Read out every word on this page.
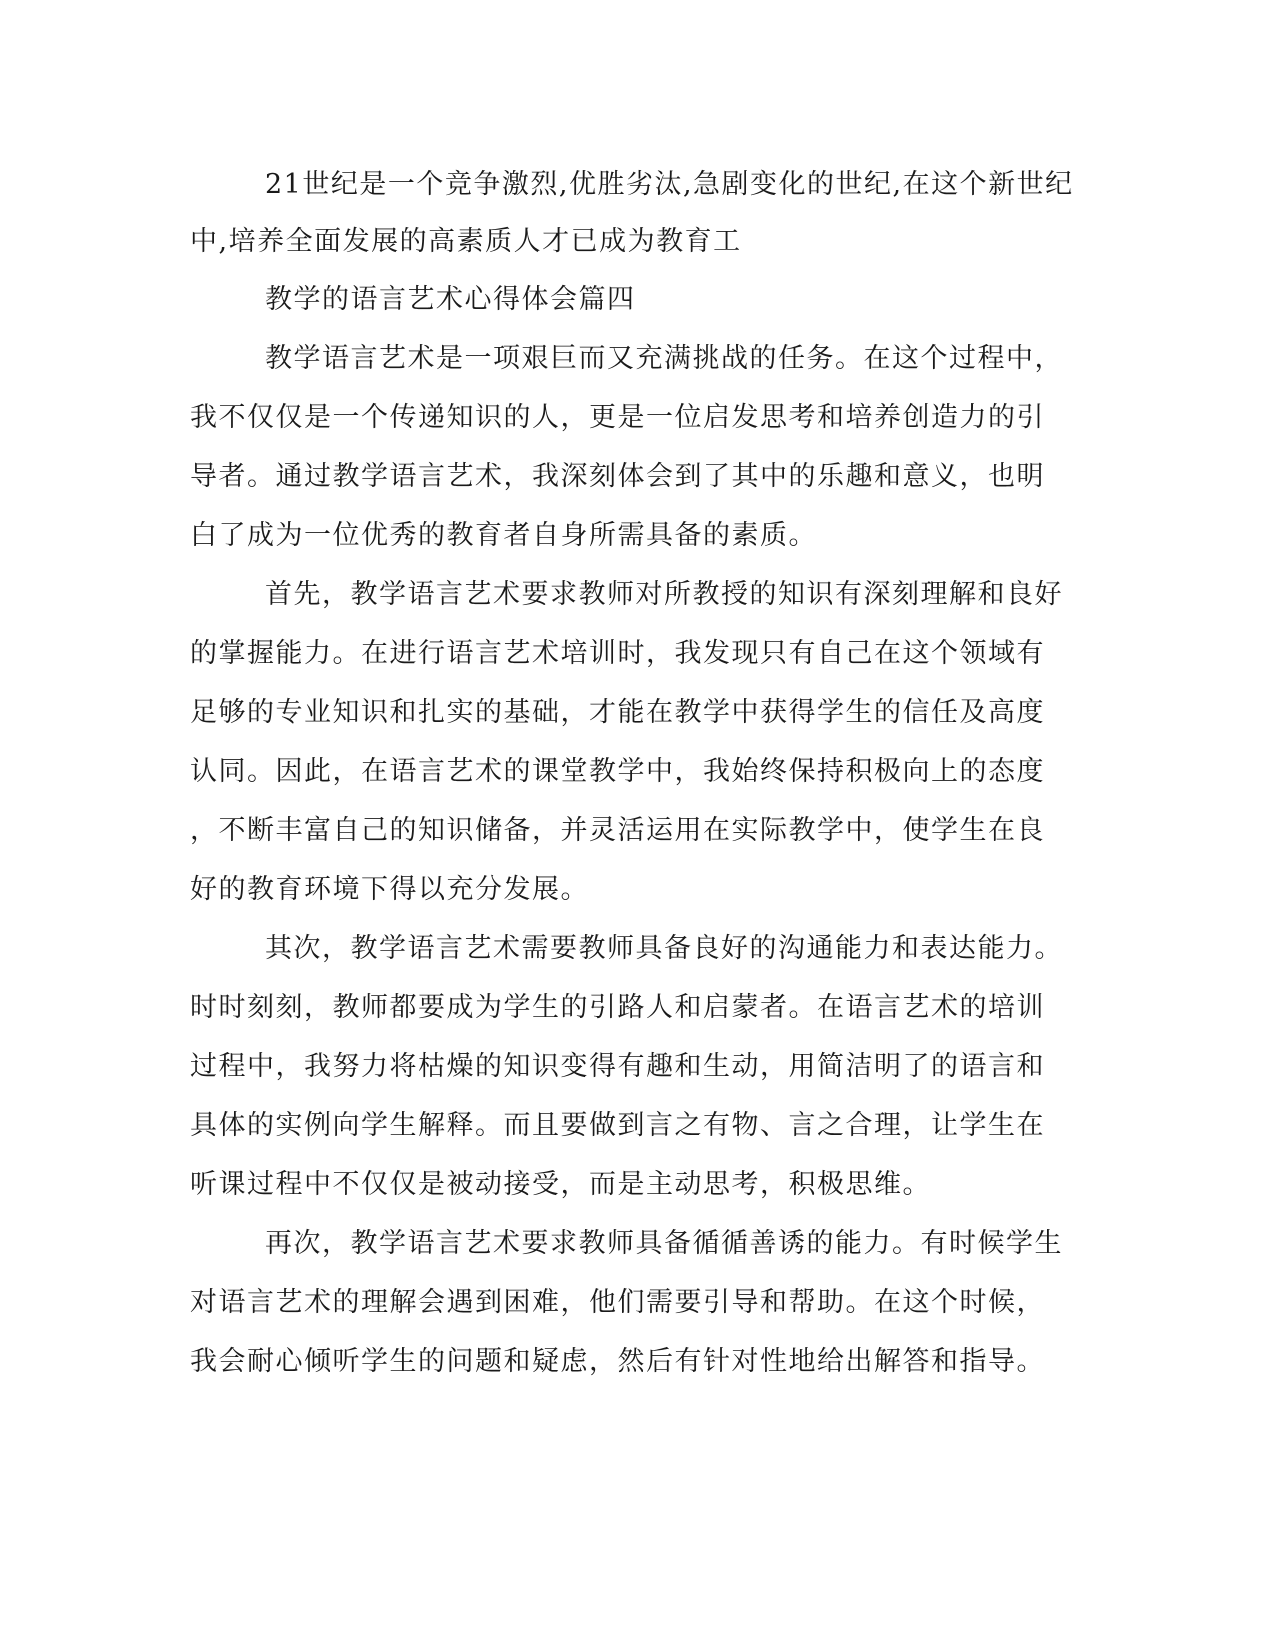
21世纪是一个竞争激烈,优胜劣汰,急剧变化的世纪,在这个新世纪
中,培养全面发展的高素质人才已成为教育工
教学的语言艺术心得体会篇四
教学语言艺术是一项艰巨而又充满挑战的任务。在这个过程中，
我不仅仅是一个传递知识的人，更是一位启发思考和培养创造力的引
导者。通过教学语言艺术，我深刻体会到了其中的乐趣和意义，也明
白了成为一位优秀的教育者自身所需具备的素质。
首先，教学语言艺术要求教师对所教授的知识有深刻理解和良好
的掌握能力。在进行语言艺术培训时，我发现只有自己在这个领域有
足够的专业知识和扎实的基础，才能在教学中获得学生的信任及高度
认同。因此，在语言艺术的课堂教学中，我始终保持积极向上的态度
，不断丰富自己的知识储备，并灵活运用在实际教学中，使学生在良
好的教育环境下得以充分发展。
其次，教学语言艺术需要教师具备良好的沟通能力和表达能力。
时时刻刻，教师都要成为学生的引路人和启蒙者。在语言艺术的培训
过程中，我努力将枯燥的知识变得有趣和生动，用简洁明了的语言和
具体的实例向学生解释。而且要做到言之有物、言之合理，让学生在
听课过程中不仅仅是被动接受，而是主动思考，积极思维。
再次，教学语言艺术要求教师具备循循善诱的能力。有时候学生
对语言艺术的理解会遇到困难，他们需要引导和帮助。在这个时候，
我会耐心倾听学生的问题和疑虑，然后有针对性地给出解答和指导。
